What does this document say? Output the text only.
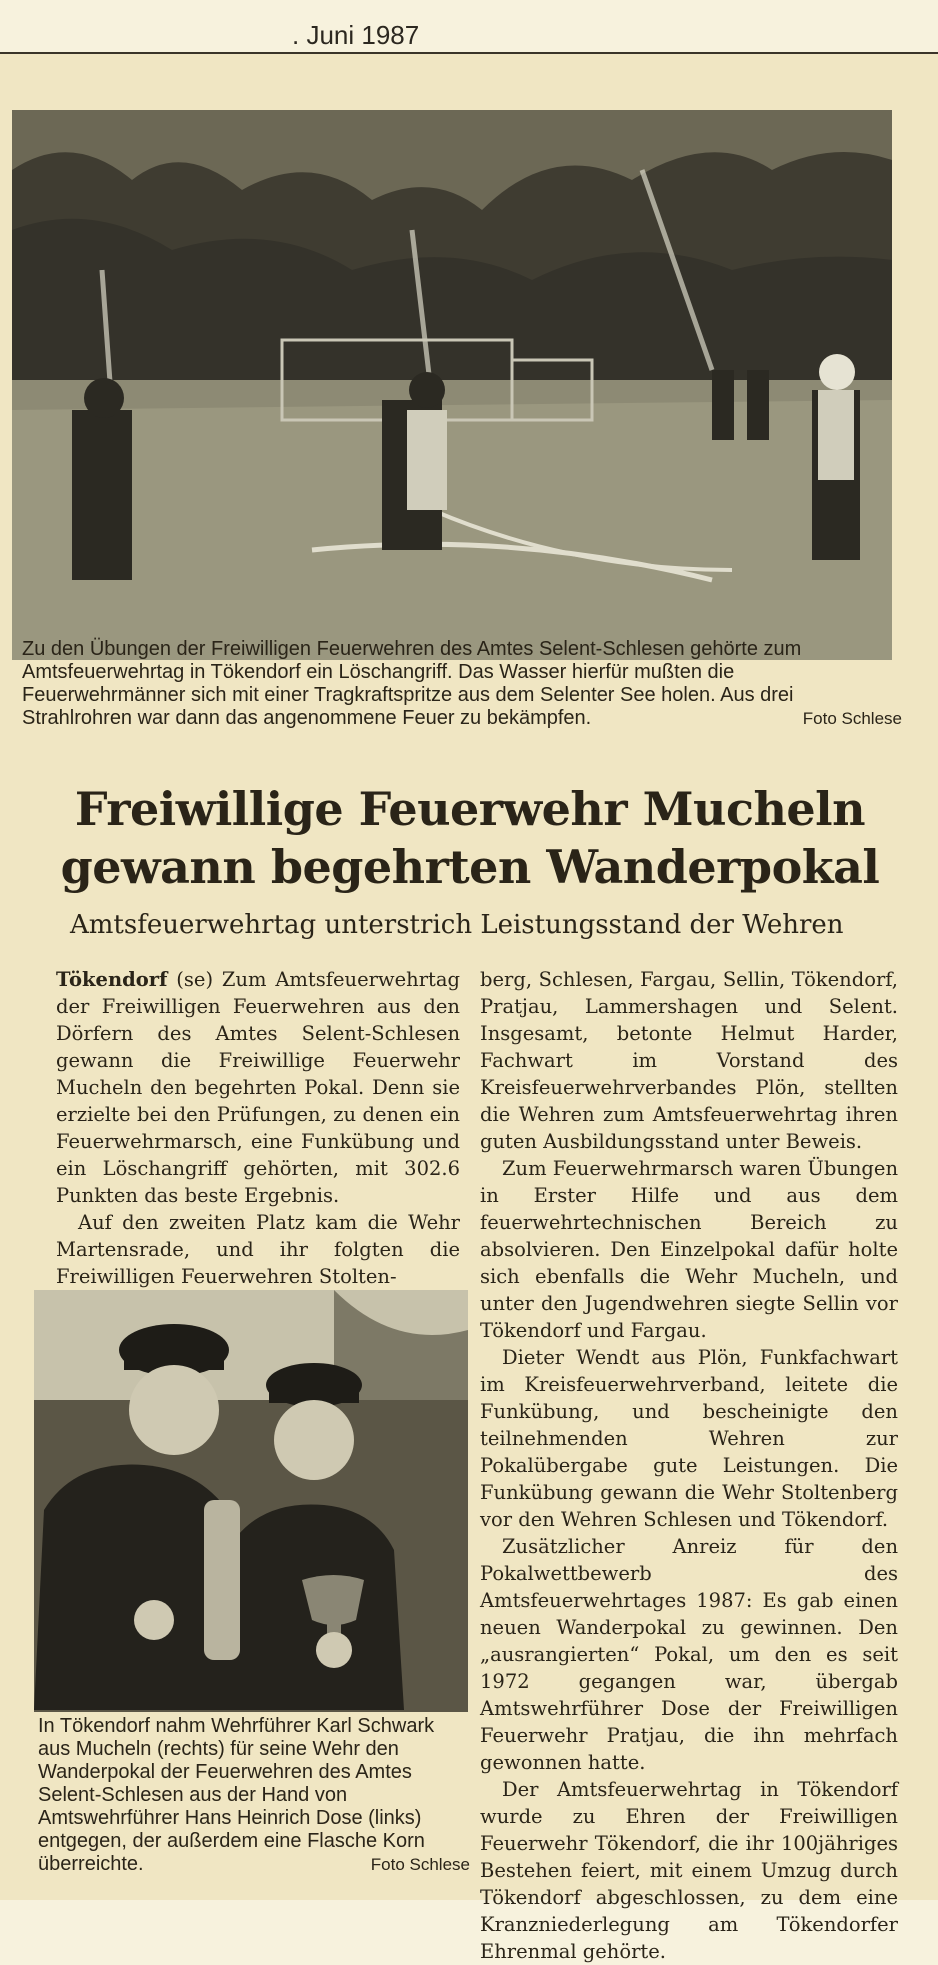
. Juni 1987
Zu den Übungen der Freiwilligen Feuerwehren des Amtes Selent-Schlesen gehörte zum Amtsfeuerwehrtag in Tökendorf ein Löschangriff. Das Wasser hierfür mußten die Feuerwehrmänner sich mit einer Tragkraftspritze aus dem Selenter See holen. Aus drei Strahlrohren war dann das angenommene Feuer zu bekämpfen.	Foto Schlese
Freiwillige Feuerwehr Mucheln
gewann begehrten Wanderpokal
Amtsfeuerwehrtag unterstrich Leistungsstand der Wehren

Tökendorf (se) Zum Amtsfeuerwehrtag der Freiwilligen Feuerwehren aus den Dörfern des Amtes Selent-Schlesen gewann die Freiwillige Feuerwehr Mucheln den begehrten Pokal. Denn sie erzielte bei den Prüfungen, zu denen ein Feuerwehrmarsch, eine Funkübung und ein Löschangriff gehörten, mit 302.6 Punkten das beste Ergebnis.

Auf den zweiten Platz kam die Wehr Martensrade, und ihr folgten die Freiwilligen Feuerwehren Stolten-

In Tökendorf nahm Wehrführer Karl Schwark aus Mucheln (rechts) für seine Wehr den Wanderpokal der Feuerwehren des Amtes Selent-Schlesen aus der Hand von Amtswehrführer Hans Heinrich Dose (links) entgegen, der außerdem eine Flasche Korn überreichte.	Foto Schlese

berg, Schlesen, Fargau, Sellin, Tökendorf, Pratjau, Lammershagen und Selent. Insgesamt, betonte Helmut Harder, Fachwart im Vorstand des Kreisfeuerwehrverbandes Plön, stellten die Wehren zum Amtsfeuerwehrtag ihren guten Ausbildungsstand unter Beweis.

Zum Feuerwehrmarsch waren Übungen in Erster Hilfe und aus dem feuerwehrtechnischen Bereich zu absolvieren. Den Einzelpokal dafür holte sich ebenfalls die Wehr Mucheln, und unter den Jugendwehren siegte Sellin vor Tökendorf und Fargau.

Dieter Wendt aus Plön, Funkfachwart im Kreisfeuerwehrverband, leitete die Funkübung, und bescheinigte den teilnehmenden Wehren zur Pokalübergabe gute Leistungen. Die Funkübung gewann die Wehr Stoltenberg vor den Wehren Schlesen und Tökendorf.

Zusätzlicher Anreiz für den Pokalwettbewerb des Amtsfeuerwehrtages 1987: Es gab einen neuen Wanderpokal zu gewinnen. Den „ausrangierten“ Pokal, um den es seit 1972 gegangen war, übergab Amtswehrführer Dose der Freiwilligen Feuerwehr Pratjau, die ihn mehrfach gewonnen hatte.

Der Amtsfeuerwehrtag in Tökendorf wurde zu Ehren der Freiwilligen Feuerwehr Tökendorf, die ihr 100jähriges Bestehen feiert, mit einem Umzug durch Tökendorf abgeschlossen, zu dem eine Kranzniederlegung am Tökendorfer Ehrenmal gehörte.
